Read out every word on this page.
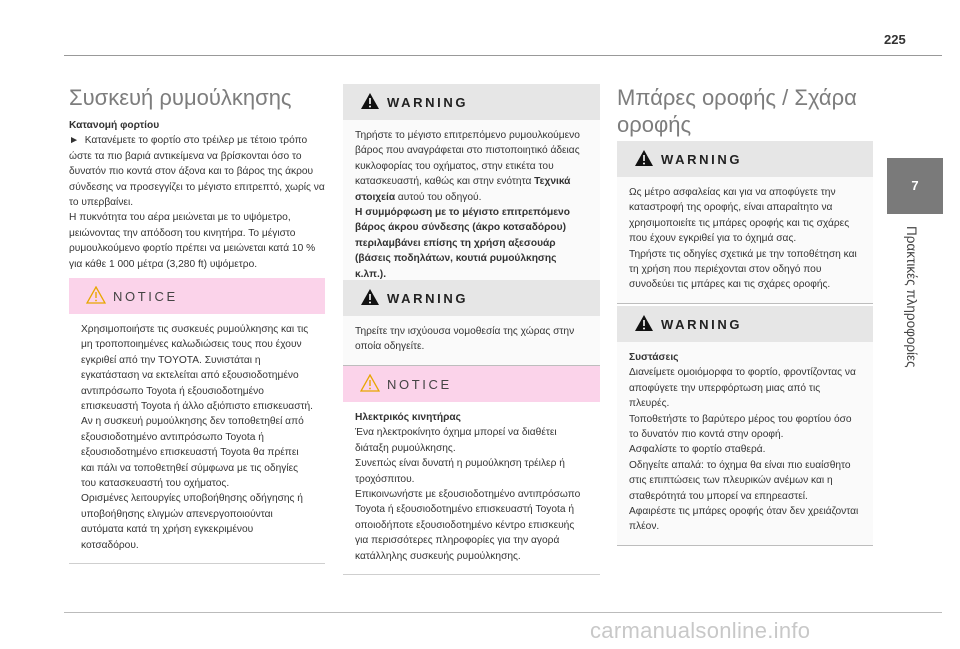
225
7
Πρακτικές πληροφορίες
Συσκευή ρυμούλκησης

Κατανομή φορτίου

► Κατανέμετε το φορτίο στο τρέιλερ με τέτοιο τρόπο ώστε τα πιο βαριά αντικείμενα να βρίσκονται όσο το δυνατόν πιο κοντά στον άξονα και το βάρος της άκρου σύνδεσης να προσεγγίζει το μέγιστο επιτρεπτό, χωρίς να το υπερβαίνει.

Η πυκνότητα του αέρα μειώνεται με το υψόμετρο, μειώνοντας την απόδοση του κινητήρα. Το μέγιστο ρυμουλκούμενο φορτίο πρέπει να μειώνεται κατά 10 % για κάθε 1 000 μέτρα (3,280 ft) υψόμετρο.

NOTICE

Χρησιμοποιήστε τις συσκευές ρυμούλκησης και τις μη τροποποιημένες καλωδιώσεις τους που έχουν εγκριθεί από την TOYOTA. Συνιστάται η εγκατάσταση να εκτελείται από εξουσιοδοτημένο αντιπρόσωπο Toyota ή εξουσιοδοτημένο επισκευαστή Toyota ή άλλο αξιόπιστο επισκευαστή.

Αν η συσκευή ρυμούλκησης δεν τοποθετηθεί από εξουσιοδοτημένο αντιπρόσωπο Toyota ή εξουσιοδοτημένο επισκευαστή Toyota θα πρέπει και πάλι να τοποθετηθεί σύμφωνα με τις οδηγίες του κατασκευαστή του οχήματος.

Ορισμένες λειτουργίες υποβοήθησης οδήγησης ή υποβοήθησης ελιγμών απενεργοποιούνται αυτόματα κατά τη χρήση εγκεκριμένου κοτσαδόρου.

WARNING

Τηρήστε το μέγιστο επιτρεπόμενο ρυμουλκούμενο βάρος που αναγράφεται στο πιστοποιητικό άδειας κυκλοφορίας του οχήματος, στην ετικέτα του κατασκευαστή, καθώς και στην ενότητα Τεχνικά στοιχεία αυτού του οδηγού.

Η συμμόρφωση με το μέγιστο επιτρεπόμενο βάρος άκρου σύνδεσης (άκρο κοτσαδόρου) περιλαμβάνει επίσης τη χρήση αξεσουάρ (βάσεις ποδηλάτων, κουτιά ρυμούλκησης κ.λπ.).

WARNING

Τηρείτε την ισχύουσα νομοθεσία της χώρας στην οποία οδηγείτε.

NOTICE

Ηλεκτρικός κινητήρας

Ένα ηλεκτροκίνητο όχημα μπορεί να διαθέτει διάταξη ρυμούλκησης.

Συνεπώς είναι δυνατή η ρυμούλκηση τρέιλερ ή τροχόσπιτου.

Επικοινωνήστε με εξουσιοδοτημένο αντιπρόσωπο Toyota ή εξουσιοδοτημένο επισκευαστή Toyota ή οποιοδήποτε εξουσιοδοτημένο κέντρο επισκευής για περισσότερες πληροφορίες για την αγορά κατάλληλης συσκευής ρυμούλκησης.

Μπάρες οροφής / Σχάρα
οροφής
WARNING

Ως μέτρο ασφαλείας και για να αποφύγετε την καταστροφή της οροφής, είναι απαραίτητο να χρησιμοποιείτε τις μπάρες οροφής και τις σχάρες που έχουν εγκριθεί για το όχημά σας.

Τηρήστε τις οδηγίες σχετικά με την τοποθέτηση και τη χρήση που περιέχονται στον οδηγό που συνοδεύει τις μπάρες και τις σχάρες οροφής.

WARNING

Συστάσεις

Διανείμετε ομοιόμορφα το φορτίο, φροντίζοντας να αποφύγετε την υπερφόρτωση μιας από τις πλευρές.

Τοποθετήστε το βαρύτερο μέρος του φορτίου όσο το δυνατόν πιο κοντά στην οροφή.

Ασφαλίστε το φορτίο σταθερά.

Οδηγείτε απαλά: το όχημα θα είναι πιο ευαίσθητο στις επιπτώσεις των πλευρικών ανέμων και η σταθερότητά του μπορεί να επηρεαστεί.

Αφαιρέστε τις μπάρες οροφής όταν δεν χρειάζονται πλέον.

carmanualsonline.info
